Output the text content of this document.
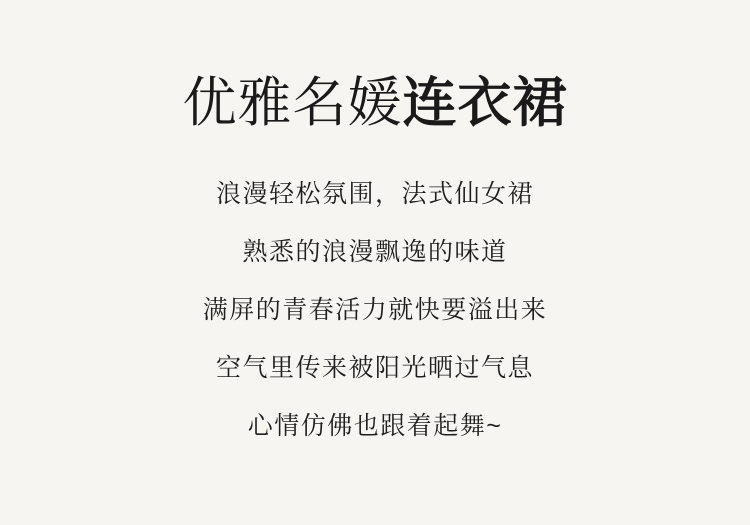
优雅名媛连衣裙
浪漫轻松氛围，法式仙女裙
熟悉的浪漫飘逸的味道
满屏的青春活力就快要溢出来
空气里传来被阳光晒过气息
心情仿佛也跟着起舞~
